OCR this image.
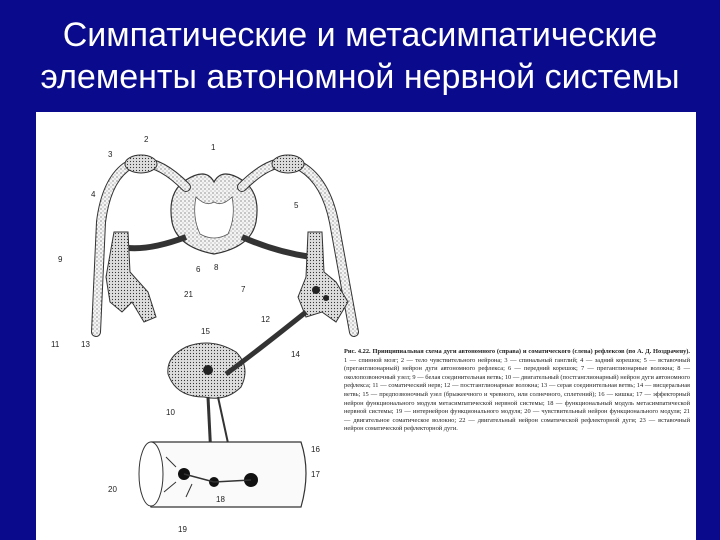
Симпатические и метасимпатические
элементы автономной нервной системы
1
2
3
4
5
6
7
8
9
10
11
12
13
14
15
16
17
18
19
20
21
Рис. 4.22. Принципиальная схема дуги автономного (справа) и соматического (слева) рефлексов (по А. Д. Ноздрачеву). 1 — спинной мозг; 2 — тело чувствительного нейрона; 3 — спинальный ганглий; 4 — задний корешок; 5 — вставочный (преганглионарный) нейрон дуги автономного рефлекса; 6 — передний корешок; 7 — преганглионарные волокна; 8 — околопозвоночный узел; 9 — белая соединительная ветвь; 10 — двигательный (постганглионарный) нейрон дуги автономного рефлекса; 11 — соматический нерв; 12 — постганглионарные волокна; 13 — серая соединительная ветвь; 14 — висцеральная ветвь; 15 — предпозвоночный узел (брыжеечного и чревного, или солнечного, сплетений); 16 — кишка; 17 — эффекторный нейрон функционального модуля метасимпатической нервной системы; 18 — функциональный модуль метасимпатической нервной системы; 19 — интернейрон функционального модуля; 20 — чувствительный нейрон функционального модуля; 21 — двигательное соматическое волокно; 22 — двигательный нейрон соматической рефлекторной дуги; 23 — вставочный нейрон соматической рефлекторной дуги.
